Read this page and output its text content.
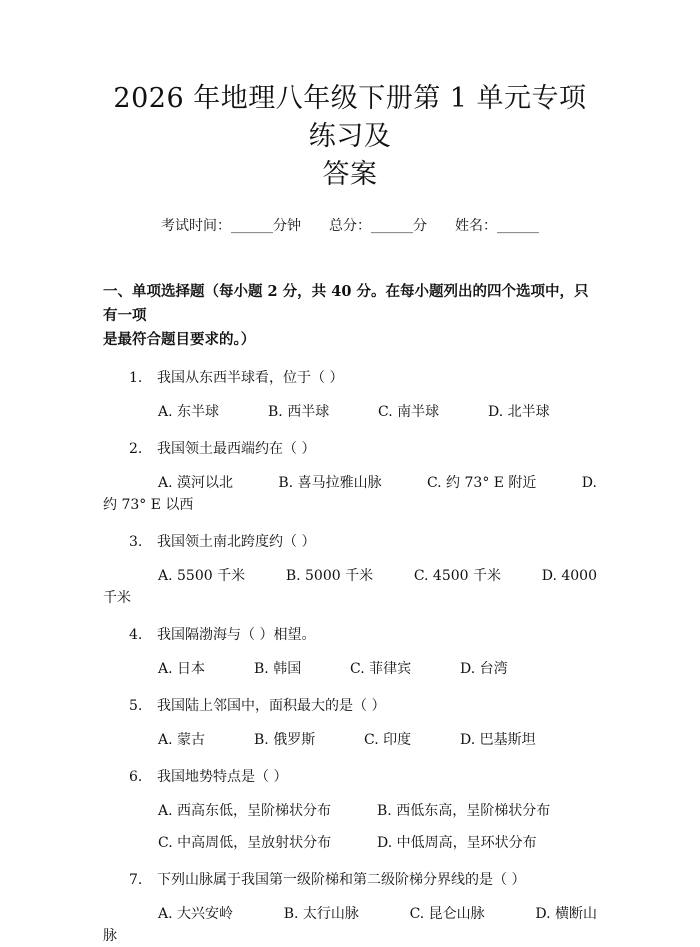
2026 年地理八年级下册第 1 单元专项练习及
答案
考试时间：______分钟 总分：______分 姓名：______
一、单项选择题（每小题 2 分，共 40 分。在每小题列出的四个选项中，只有一项
是最符合题目要求的。）
1. 我国从东西半球看，位于（ ）
A. 东半球	B. 西半球	C. 南半球	D. 北半球
2. 我国领土最西端约在（ ）
A. 漠河以北	B. 喜马拉雅山脉	C. 约 73° E 附近	D.
约 73° E 以西
3. 我国领土南北跨度约（ ）
A. 5500 千米	B. 5000 千米	C. 4500 千米	D. 4000
千米
4. 我国隔渤海与（ ）相望。
A. 日本	B. 韩国	C. 菲律宾	D. 台湾
5. 我国陆上邻国中，面积最大的是（ ）
A. 蒙古	B. 俄罗斯	C. 印度	D. 巴基斯坦
6. 我国地势特点是（ ）
A. 西高东低，呈阶梯状分布	B. 西低东高，呈阶梯状分布
C. 中高周低，呈放射状分布	D. 中低周高，呈环状分布
7. 下列山脉属于我国第一级阶梯和第二级阶梯分界线的是（ ）
A. 大兴安岭	B. 太行山脉	C. 昆仑山脉	D. 横断山
脉
